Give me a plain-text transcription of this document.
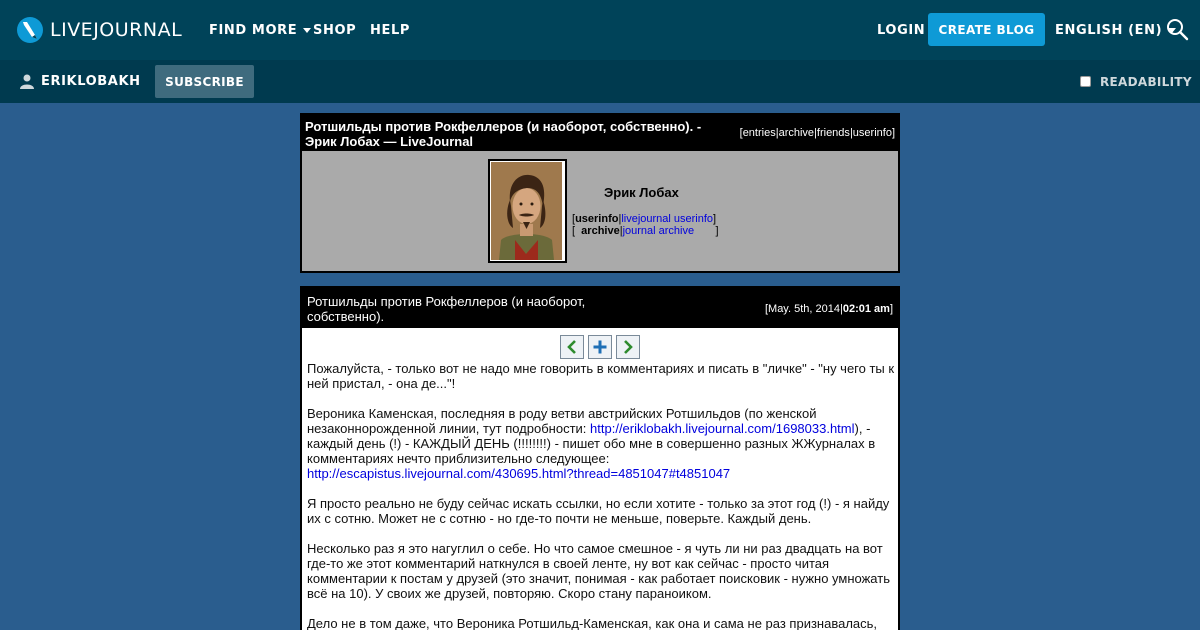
LIVEJOURNAL FIND MORE SHOP HELP	LOGIN	CREATE BLOG	ENGLISH (EN)
ERIKLOBAKH	SUBSCRIBE	READABILITY
Ротшильды против Рокфеллеров (и наоборот, собственно). - Эрик Лобах — LiveJournal
[entries|archive|friends|userinfo]
Эрик Лобах
[userinfo|livejournal userinfo]
[  archive|journal archive       ]
Ротшильды против Рокфеллеров (и наоборот, собственно).	[May. 5th, 2014|02:01 am]

Пожалуйста, - только вот не надо мне говорить в комментариях и писать в "личке" - "ну чего ты к ней пристал, - она де..."!

Вероника Каменская, последняя в роду ветви австрийских Ротшильдов (по женской незаконнорожденной линии, тут подробности: http://eriklobakh.livejournal.com/1698033.html), - каждый день (!) - КАЖДЫЙ ДЕНЬ (!!!!!!!!) - пишет обо мне в совершенно разных ЖЖурналах в комментариях нечто приблизительно следующее:
http://escapistus.livejournal.com/430695.html?thread=4851047#t4851047

Я просто реально не буду сейчас искать ссылки, но если хотите - только за этот год (!) - я найду их с сотню. Может не с сотню - но где-то почти не меньше, поверьте. Каждый день.

Несколько раз я это нагуглил о себе. Но что самое смешное - я чуть ли ни раз двадцать на вот где-то же этот комментарий наткнулся в своей ленте, ну вот как сейчас - просто читая комментарии к постам у друзей (это значит, понимая - как работает поисковик - нужно умножать всё на 10). У своих же друзей, повторяю. Скоро стану параноиком.

Дело не в том даже, что Вероника Ротшильд-Каменская, как она и сама не раз признавалась,
